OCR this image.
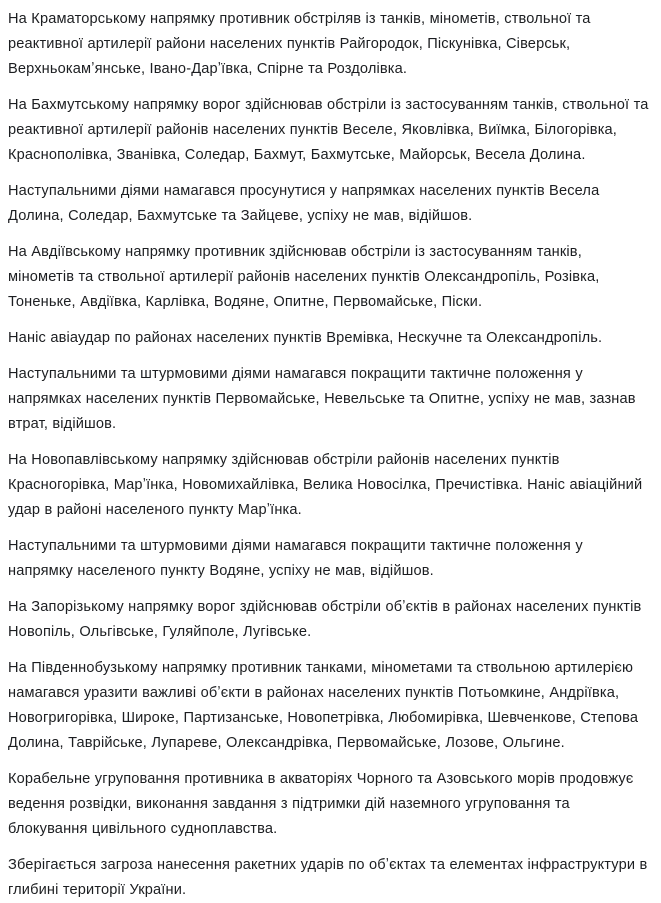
На Краматорському напрямку противник обстріляв із танків, мінометів, ствольної та реактивної артилерії райони населених пунктів Райгородок, Піскунівка, Сіверськ, Верхньокамʼянське, Івано-Дарʼївка, Спірне та Роздолівка.

На Бахмутському напрямку ворог здійснював обстріли із застосуванням танків, ствольної та реактивної артилерії районів населених пунктів Веселе, Яковлівка, Виїмка, Білогорівка, Краснополівка, Званівка, Соледар, Бахмут, Бахмутське, Майорськ, Весела Долина.

Наступальними діями намагався просунутися у напрямках населених пунктів Весела Долина, Соледар, Бахмутське та Зайцеве, успіху не мав, відійшов.

На Авдіївському напрямку противник здійснював обстріли із застосуванням танків, мінометів та ствольної артилерії районів населених пунктів Олександропіль, Розівка, Тоненьке, Авдіївка, Карлівка, Водяне, Опитне, Первомайське, Піски.

Наніс авіаудар по районах населених пунктів Времівка, Нескучне та Олександропіль.

Наступальними та штурмовими діями намагався покращити тактичне положення у напрямках населених пунктів Первомайське, Невельське та Опитне, успіху не мав, зазнав втрат, відійшов.

На Новопавлівському напрямку здійснював обстріли районів населених пунктів Красногорівка, Марʼїнка, Новомихайлівка, Велика Новосілка, Пречистівка. Наніс авіаційний удар в районі населеного пункту Марʼїнка.

Наступальними та штурмовими діями намагався покращити тактичне положення у напрямку населеного пункту Водяне, успіху не мав, відійшов.

На Запорізькому напрямку ворог здійснював обстріли обʼєктів в районах населених пунктів Новопіль, Ольгівське, Гуляйполе, Лугівське.

На Південнобузькому напрямку противник танками, мінометами та ствольною артилерією намагався уразити важливі обʼєкти в районах населених пунктів Потьомкине, Андріївка, Новогригорівка, Широке, Партизанське, Новопетрівка, Любомирівка, Шевченкове, Степова Долина, Таврійське, Лупареве, Олександрівка, Первомайське, Лозове, Ольгине.

Корабельне угруповання противника в акваторіях Чорного та Азовського морів продовжує ведення розвідки, виконання завдання з підтримки дій наземного угруповання та блокування цивільного судноплавства.

Зберігається загроза нанесення ракетних ударів по обʼєктах та елементах інфраструктури в глибині території України.
